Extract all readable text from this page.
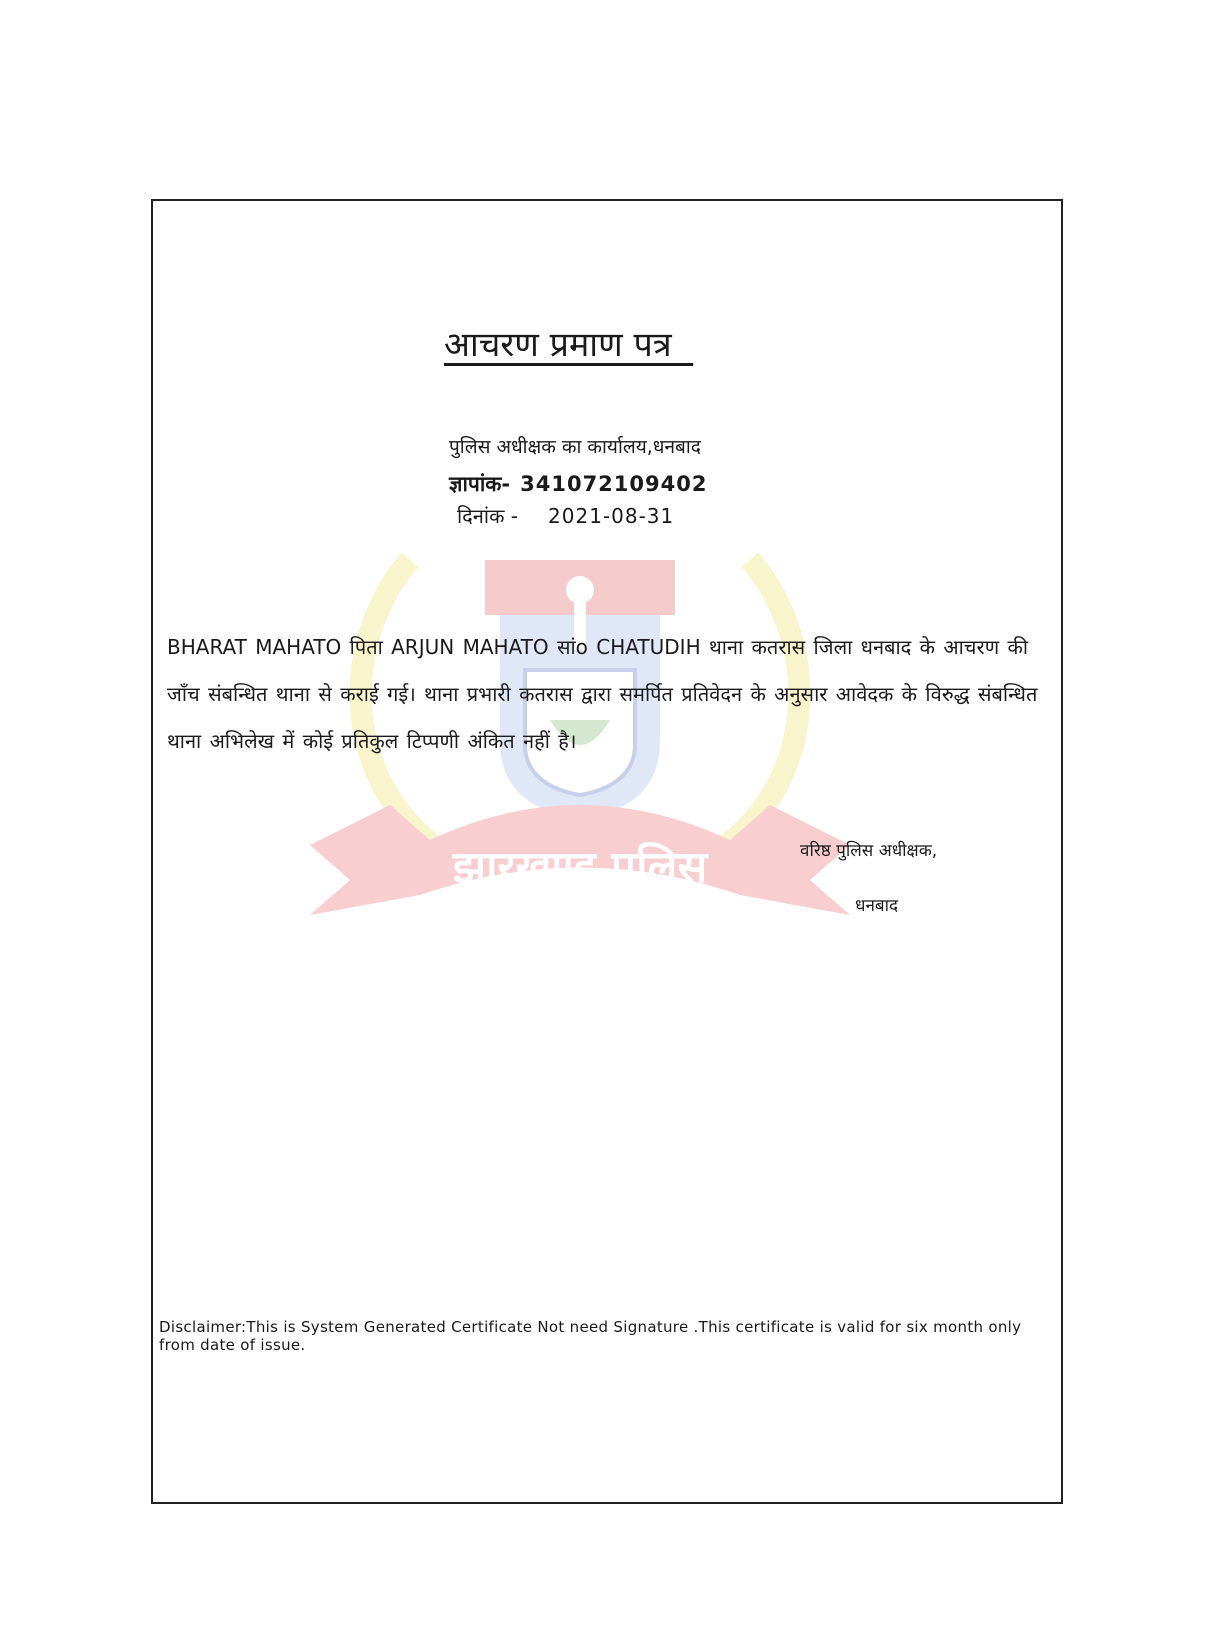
झारखण्ड पुलिस
आचरण प्रमाण पत्र
पुलिस अधीक्षक का कार्यालय,धनबाद
ज्ञापांक- 341072109402
दिनांक - 2021-08-31
BHARAT MAHATO पिता ARJUN MAHATO सांo CHATUDIH थाना कतरास जिला धनबाद के आचरण की जाँच संबन्धित थाना से कराई गई। थाना प्रभारी कतरास द्वारा समर्पित प्रतिवेदन के अनुसार आवेदक के विरुद्ध संबन्धित थाना अभिलेख में कोई प्रतिकुल टिप्पणी अंकित नहीं है।
वरिष्ठ पुलिस अधीक्षक,
धनबाद
Disclaimer:This is System Generated Certificate Not need Signature .This certificate is valid for six month only from date of issue.
